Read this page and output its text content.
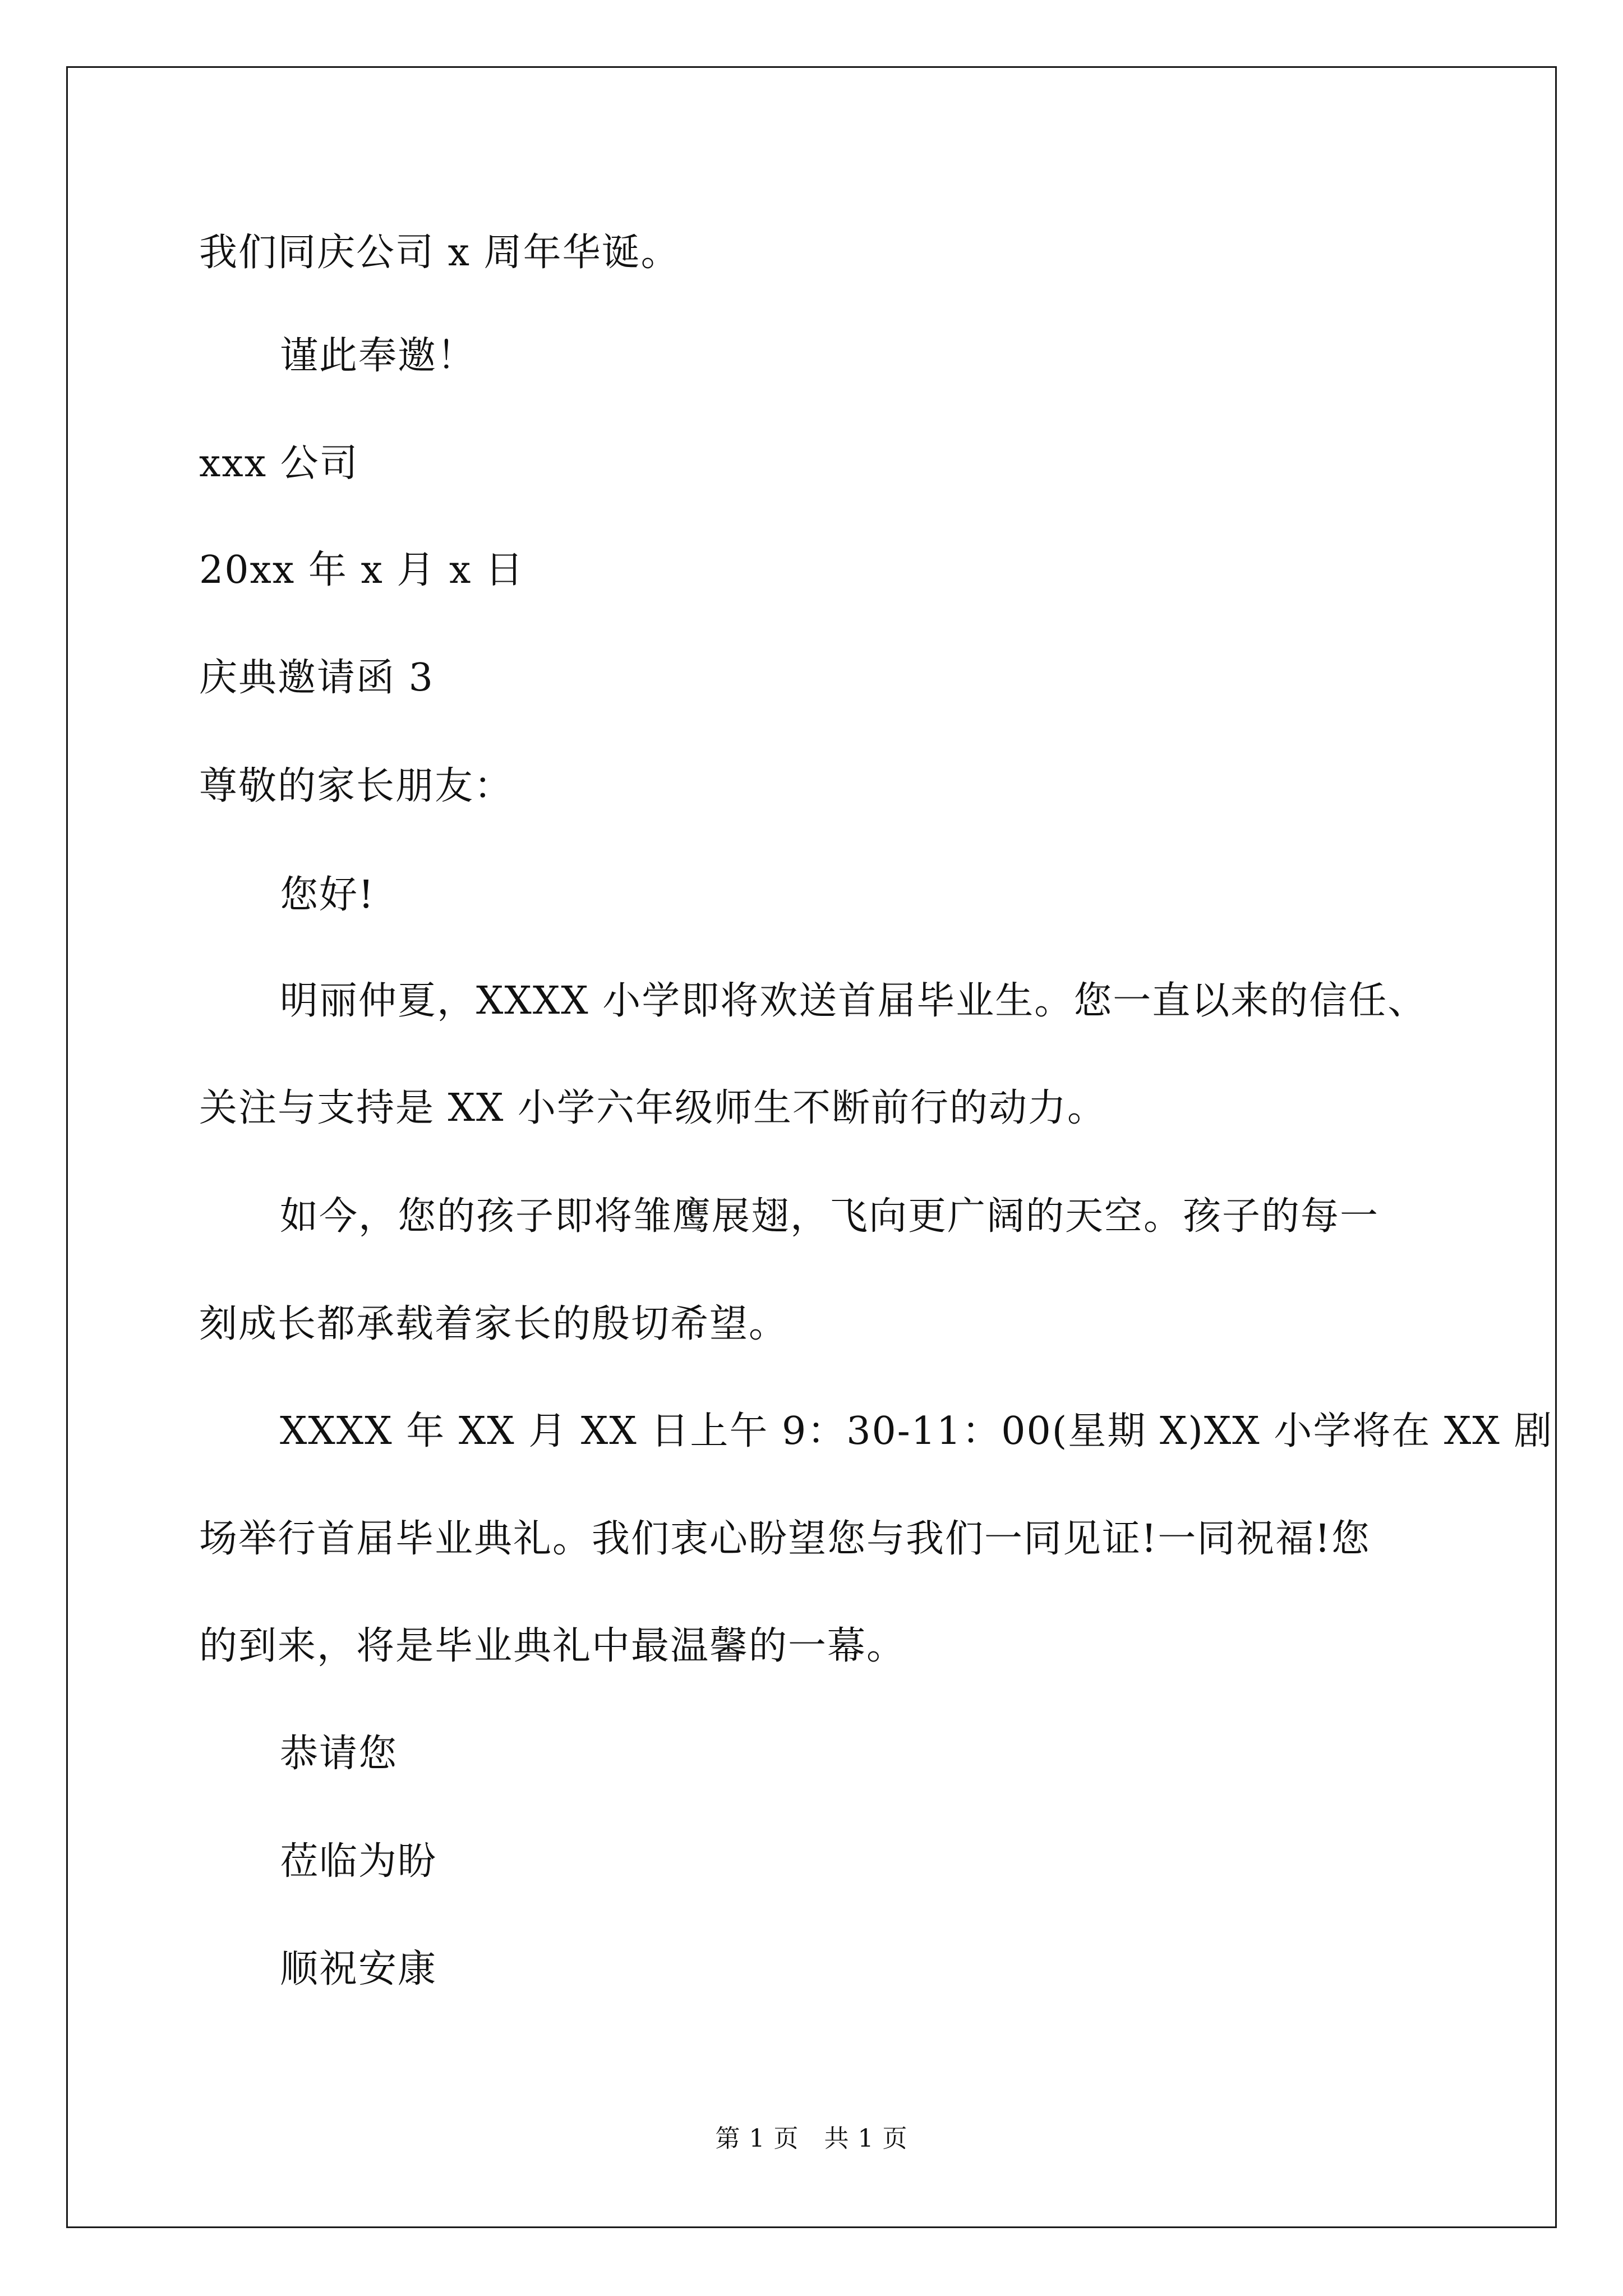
我们同庆公司 x 周年华诞。
谨此奉邀！
xxx 公司
20xx 年 x 月 x 日
庆典邀请函 3
尊敬的家长朋友：
您好!
明丽仲夏，XXXX 小学即将欢送首届毕业生。您一直以来的信任、
关注与支持是 XX 小学六年级师生不断前行的动力。
如今，您的孩子即将雏鹰展翅，飞向更广阔的天空。孩子的每一
刻成长都承载着家长的殷切希望。
XXXX 年 XX 月 XX 日上午 9：30-11：00(星期 X)XX 小学将在 XX 剧
场举行首届毕业典礼。我们衷心盼望您与我们一同见证!一同祝福!您
的到来，将是毕业典礼中最温馨的一幕。
恭请您
莅临为盼
顺祝安康
第 1 页　共 1 页
